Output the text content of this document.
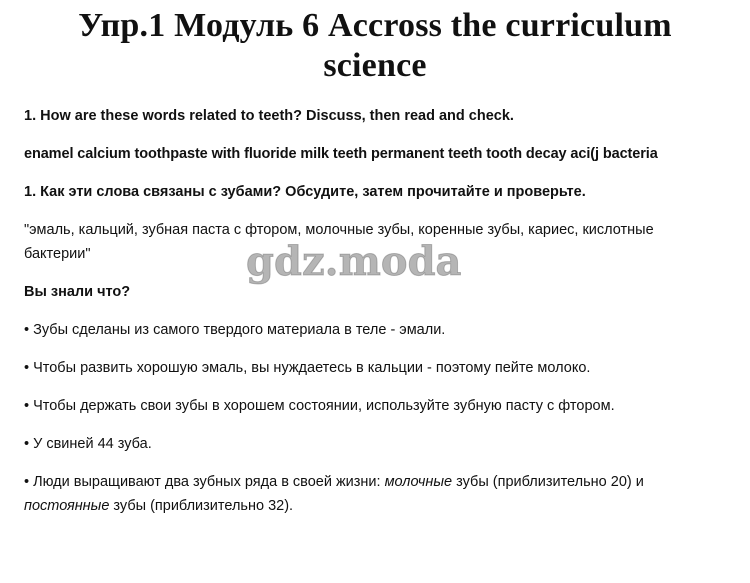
Упр.1 Модуль 6 Accross the curriculum science

1. How are these words related to teeth? Discuss, then read and check.

enamel calcium toothpaste with fluoride milk teeth permanent teeth tooth decay aci(j bacteria

1. Как эти слова связаны с зубами? Обсудите, затем прочитайте и проверьте.

"эмаль, кальций, зубная паста с фтором, молочные зубы, коренные зубы, кариес, кислотные бактерии"

Вы знали что?

• Зубы сделаны из самого твердого материала в теле - эмали.

• Чтобы развить хорошую эмаль, вы нуждаетесь в кальции - поэтому пейте молоко.

• Чтобы держать свои зубы в хорошем состоянии, используйте зубную пасту с фтором.

• У свиней 44 зуба.

• Люди выращивают два зубных ряда в своей жизни: молочные зубы (приблизительно 20) и постоянные зубы (приблизительно 32).

gdz.moda
